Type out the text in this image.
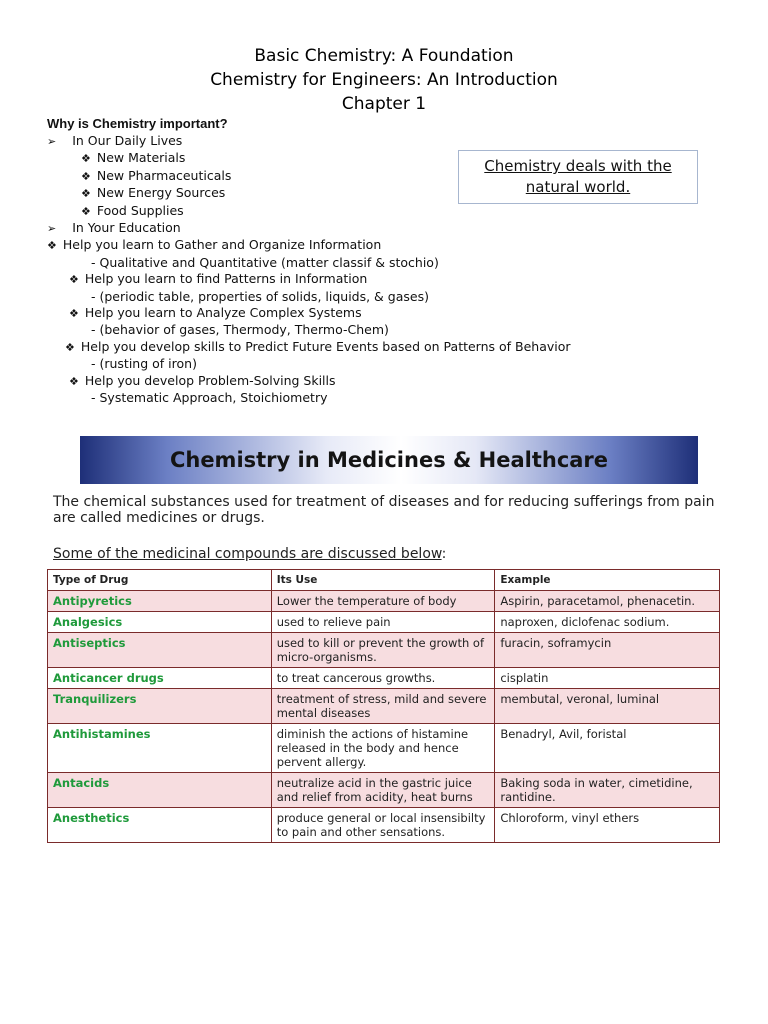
Basic Chemistry: A Foundation
Chemistry for Engineers: An Introduction
Chapter 1
Why is Chemistry important?
➢ In Our Daily Lives
❖ New Materials
❖ New Pharmaceuticals
❖ New Energy Sources
❖ Food Supplies
➢ In Your Education
❖ Help you learn to Gather and Organize Information
- Qualitative and Quantitative (matter classif & stochio)
❖ Help you learn to find Patterns in Information
- (periodic table, properties of solids, liquids, & gases)
❖ Help you learn to Analyze Complex Systems
- (behavior of gases, Thermody, Thermo-Chem)
❖ Help you develop skills to Predict Future Events based on Patterns of Behavior
- (rusting of iron)
❖ Help you develop Problem-Solving Skills
- Systematic Approach, Stoichiometry
Chemistry deals with the
natural world.
Chemistry in Medicines & Healthcare
The chemical substances used for treatment of diseases and for reducing sufferings from pain are called medicines or drugs.
Some of the medicinal compounds are discussed below:
Type of Drug	Its Use	Example
Antipyretics	Lower the temperature of body	Aspirin, paracetamol, phenacetin.
Analgesics	used to relieve pain	naproxen, diclofenac sodium.
Antiseptics	used to kill or prevent the growth of micro-organisms.	furacin, soframycin
Anticancer drugs	to treat cancerous growths.	cisplatin
Tranquilizers	treatment of stress, mild and severe mental diseases	membutal, veronal, luminal
Antihistamines	diminish the actions of histamine released in the body and hence pervent allergy.	Benadryl, Avil, foristal
Antacids	neutralize acid in the gastric juice and relief from acidity, heat burns	Baking soda in water, cimetidine, rantidine.
Anesthetics	produce general or local insensibilty to pain and other sensations.	Chloroform, vinyl ethers
